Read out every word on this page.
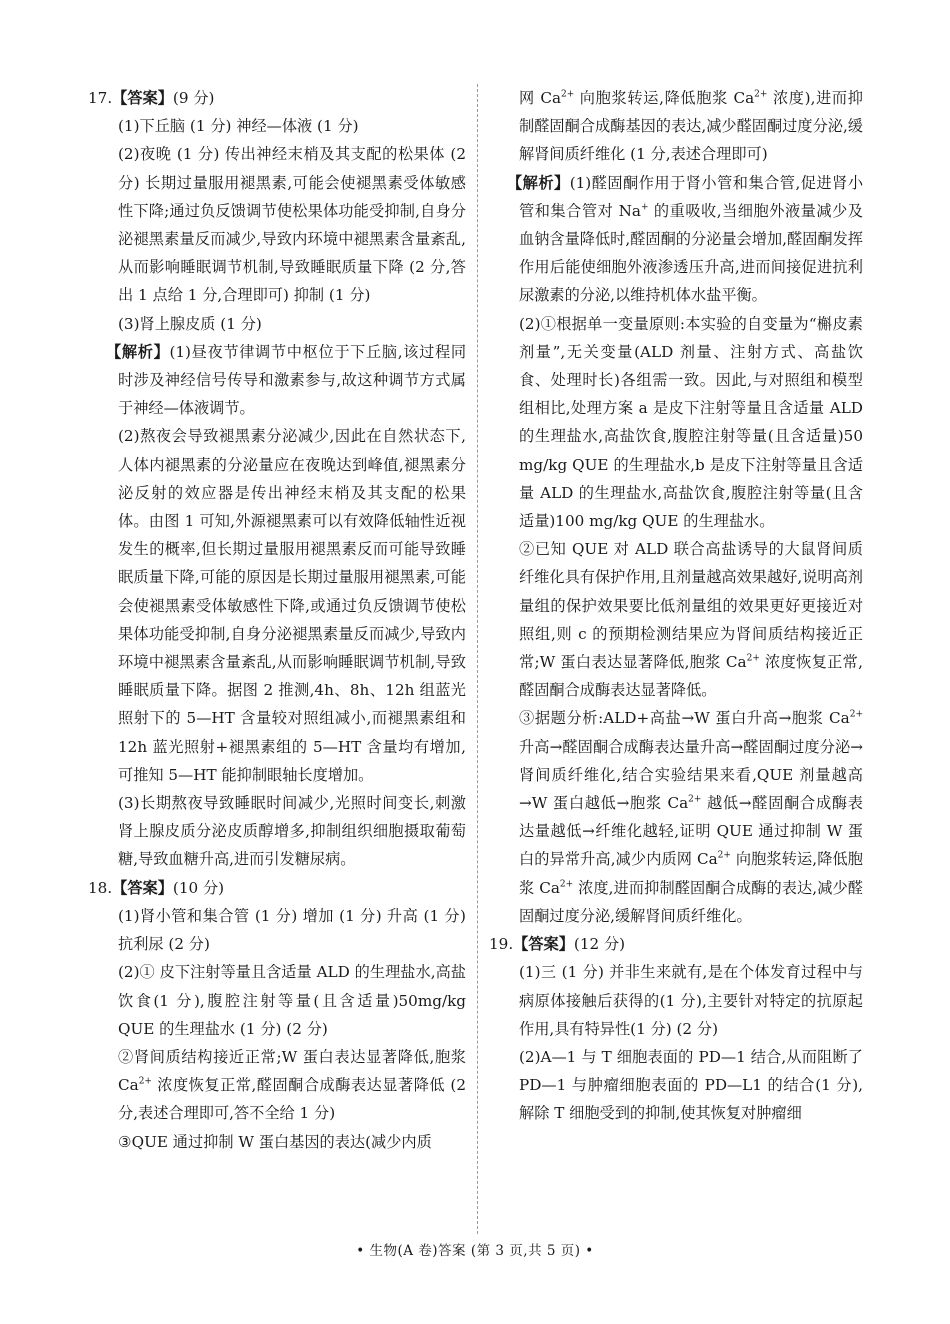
17.【答案】(9 分)

(1)下丘脑 (1 分) 神经—体液 (1 分)

(2)夜晚 (1 分) 传出神经末梢及其支配的松果体 (2 分) 长期过量服用褪黑素,可能会使褪黑素受体敏感性下降;通过负反馈调节使松果体功能受抑制,自身分泌褪黑素量反而减少,导致内环境中褪黑素含量紊乱,从而影响睡眠调节机制,导致睡眠质量下降 (2 分,答出 1 点给 1 分,合理即可) 抑制 (1 分)

(3)肾上腺皮质 (1 分)

【解析】(1)昼夜节律调节中枢位于下丘脑,该过程同时涉及神经信号传导和激素参与,故这种调节方式属于神经—体液调节。

(2)熬夜会导致褪黑素分泌减少,因此在自然状态下,人体内褪黑素的分泌量应在夜晚达到峰值,褪黑素分泌反射的效应器是传出神经末梢及其支配的松果体。由图 1 可知,外源褪黑素可以有效降低轴性近视发生的概率,但长期过量服用褪黑素反而可能导致睡眠质量下降,可能的原因是长期过量服用褪黑素,可能会使褪黑素受体敏感性下降,或通过负反馈调节使松果体功能受抑制,自身分泌褪黑素量反而减少,导致内环境中褪黑素含量紊乱,从而影响睡眠调节机制,导致睡眠质量下降。据图 2 推测,4h、8h、12h 组蓝光照射下的 5—HT 含量较对照组减小,而褪黑素组和 12h 蓝光照射+褪黑素组的 5—HT 含量均有增加,可推知 5—HT 能抑制眼轴长度增加。

(3)长期熬夜导致睡眠时间减少,光照时间变长,刺激肾上腺皮质分泌皮质醇增多,抑制组织细胞摄取葡萄糖,导致血糖升高,进而引发糖尿病。

18.【答案】(10 分)

(1)肾小管和集合管 (1 分) 增加 (1 分) 升高 (1 分) 抗利尿 (2 分)

(2)① 皮下注射等量且含适量 ALD 的生理盐水,高盐饮食(1 分),腹腔注射等量(且含适量)50mg/kg QUE 的生理盐水 (1 分) (2 分)

②肾间质结构接近正常;W 蛋白表达显著降低,胞浆 $Ca^{2+}$ 浓度恢复正常,醛固酮合成酶表达显著降低 (2 分,表述合理即可,答不全给 1 分)

③QUE 通过抑制 W 蛋白基因的表达(减少内质

网 $Ca^{2+}$ 向胞浆转运,降低胞浆 $Ca^{2+}$ 浓度),进而抑制醛固酮合成酶基因的表达,减少醛固酮过度分泌,缓解肾间质纤维化 (1 分,表述合理即可)

【解析】(1)醛固酮作用于肾小管和集合管,促进肾小管和集合管对 Na+ 的重吸收,当细胞外液量减少及血钠含量降低时,醛固酮的分泌量会增加,醛固酮发挥作用后能使细胞外液渗透压升高,进而间接促进抗利尿激素的分泌,以维持机体水盐平衡。

(2)①根据单一变量原则:本实验的自变量为“槲皮素剂量”,无关变量(ALD 剂量、注射方式、高盐饮食、处理时长)各组需一致。因此,与对照组和模型组相比,处理方案 a 是皮下注射等量且含适量 ALD 的生理盐水,高盐饮食,腹腔注射等量(且含适量)50 mg/kg QUE 的生理盐水,b 是皮下注射等量且含适量 ALD 的生理盐水,高盐饮食,腹腔注射等量(且含适量)100 mg/kg QUE 的生理盐水。

②已知 QUE 对 ALD 联合高盐诱导的大鼠肾间质纤维化具有保护作用,且剂量越高效果越好,说明高剂量组的保护效果要比低剂量组的效果更好更接近对照组,则 c 的预期检测结果应为肾间质结构接近正常;W 蛋白表达显著降低,胞浆 $Ca^{2+}$ 浓度恢复正常,醛固酮合成酶表达显著降低。

③据题分析:ALD+高盐→W 蛋白升高→胞浆 $Ca^{2+}$ 升高→醛固酮合成酶表达量升高→醛固酮过度分泌→肾间质纤维化,结合实验结果来看,QUE 剂量越高→W 蛋白越低→胞浆 $Ca^{2+}$ 越低→醛固酮合成酶表达量越低→纤维化越轻,证明 QUE 通过抑制 W 蛋白的异常升高,减少内质网 $Ca^{2+}$ 向胞浆转运,降低胞浆 $Ca^{2+}$ 浓度,进而抑制醛固酮合成酶的表达,减少醛固酮过度分泌,缓解肾间质纤维化。

19.【答案】(12 分)

(1)三 (1 分) 并非生来就有,是在个体发育过程中与病原体接触后获得的(1 分),主要针对特定的抗原起作用,具有特异性(1 分) (2 分)

(2)A—1 与 T 细胞表面的 PD—1 结合,从而阻断了 PD—1 与肿瘤细胞表面的 PD—L1 的结合(1 分),解除 T 细胞受到的抑制,使其恢复对肿瘤细

• 生物(A 卷)答案 (第 3 页,共 5 页) •
